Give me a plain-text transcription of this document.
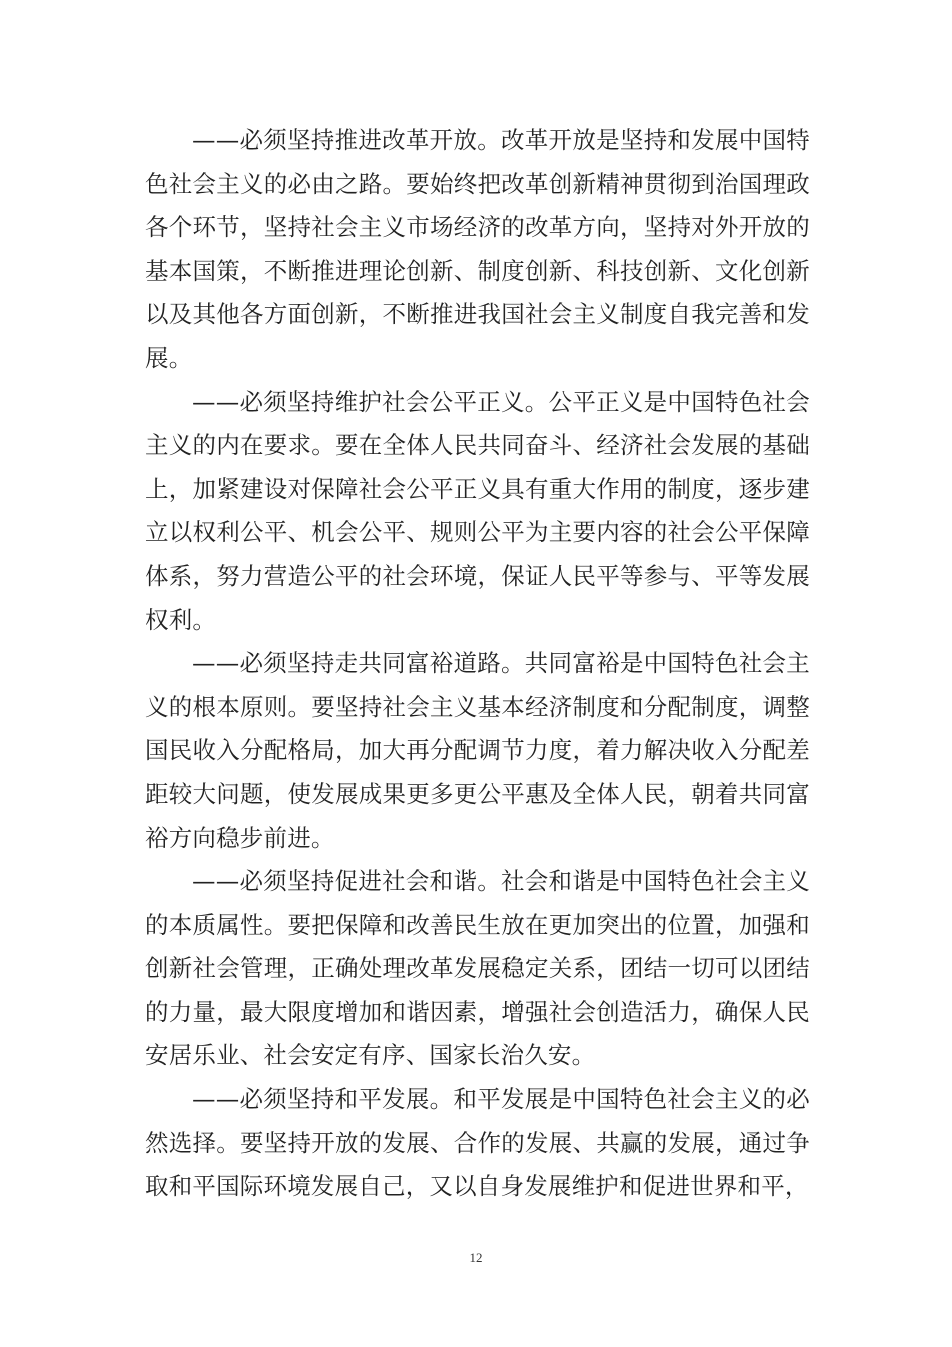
——必须坚持推进改革开放。改革开放是坚持和发展中国特色社会主义的必由之路。要始终把改革创新精神贯彻到治国理政各个环节，坚持社会主义市场经济的改革方向，坚持对外开放的基本国策，不断推进理论创新、制度创新、科技创新、文化创新以及其他各方面创新，不断推进我国社会主义制度自我完善和发展。

——必须坚持维护社会公平正义。公平正义是中国特色社会主义的内在要求。要在全体人民共同奋斗、经济社会发展的基础上，加紧建设对保障社会公平正义具有重大作用的制度，逐步建立以权利公平、机会公平、规则公平为主要内容的社会公平保障体系，努力营造公平的社会环境，保证人民平等参与、平等发展权利。

——必须坚持走共同富裕道路。共同富裕是中国特色社会主义的根本原则。要坚持社会主义基本经济制度和分配制度，调整国民收入分配格局，加大再分配调节力度，着力解决收入分配差距较大问题，使发展成果更多更公平惠及全体人民，朝着共同富裕方向稳步前进。

——必须坚持促进社会和谐。社会和谐是中国特色社会主义的本质属性。要把保障和改善民生放在更加突出的位置，加强和创新社会管理，正确处理改革发展稳定关系，团结一切可以团结的力量，最大限度增加和谐因素，增强社会创造活力，确保人民安居乐业、社会安定有序、国家长治久安。

——必须坚持和平发展。和平发展是中国特色社会主义的必然选择。要坚持开放的发展、合作的发展、共赢的发展，通过争取和平国际环境发展自己，又以自身发展维护和促进世界和平，

12
